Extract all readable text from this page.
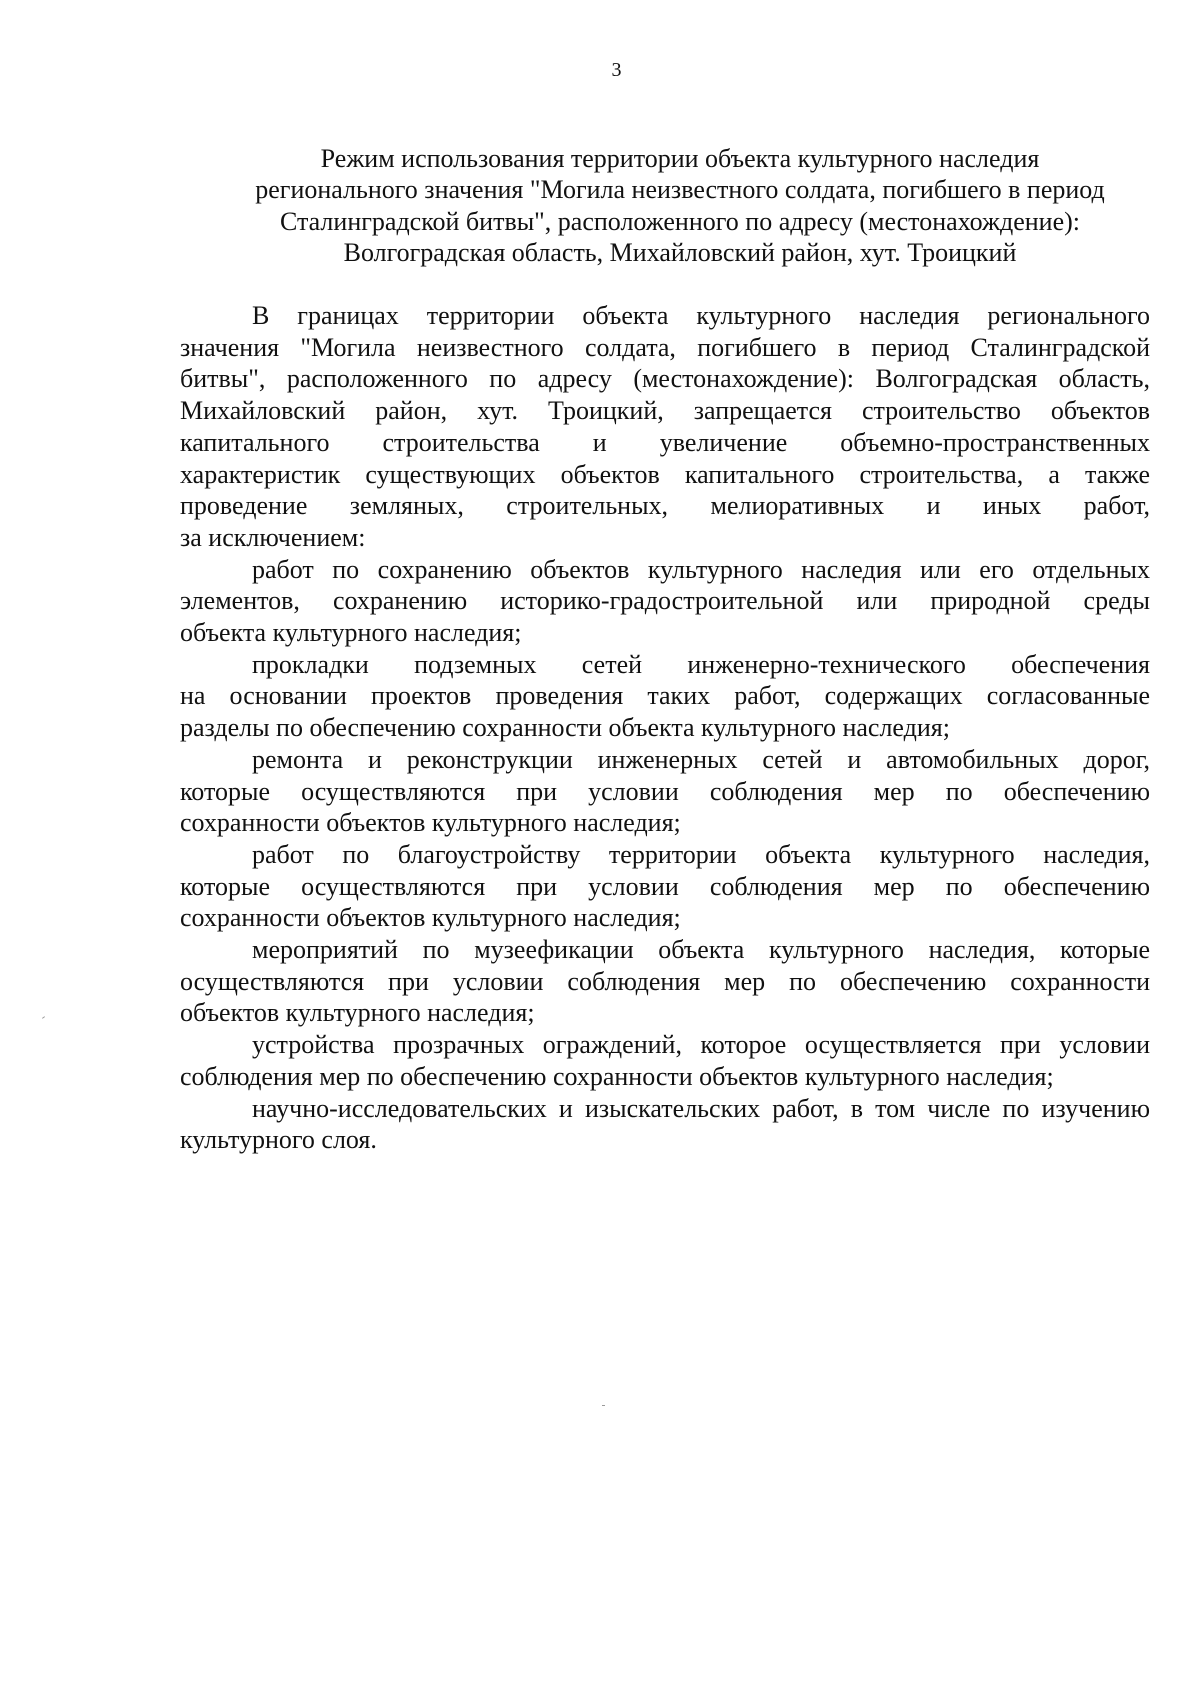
3
Режим использования территории объекта культурного наследия
регионального значения "Могила неизвестного солдата, погибшего в период
Сталинградской битвы", расположенного по адресу (местонахождение):
Волгоградская область, Михайловский район, хут. Троицкий
В границах территории объекта культурного наследия регионального
значения "Могила неизвестного солдата, погибшего в период Сталинградской
битвы", расположенного по адресу (местонахождение): Волгоградская область,
Михайловский район, хут. Троицкий, запрещается строительство объектов
капитального строительства и увеличение объемно-пространственных
характеристик существующих объектов капитального строительства, а также
проведение земляных, строительных, мелиоративных и иных работ,
за исключением:
работ по сохранению объектов культурного наследия или его отдельных
элементов, сохранению историко-градостроительной или природной среды
объекта культурного наследия;
прокладки подземных сетей инженерно-технического обеспечения
на основании проектов проведения таких работ, содержащих согласованные
разделы по обеспечению сохранности объекта культурного наследия;
ремонта и реконструкции инженерных сетей и автомобильных дорог,
которые осуществляются при условии соблюдения мер по обеспечению
сохранности объектов культурного наследия;
работ по благоустройству территории объекта культурного наследия,
которые осуществляются при условии соблюдения мер по обеспечению
сохранности объектов культурного наследия;
мероприятий по музеефикации объекта культурного наследия, которые
осуществляются при условии соблюдения мер по обеспечению сохранности
объектов культурного наследия;
устройства прозрачных ограждений, которое осуществляется при условии
соблюдения мер по обеспечению сохранности объектов культурного наследия;
научно-исследовательских и изыскательских работ, в том числе по изучению
культурного слоя.
